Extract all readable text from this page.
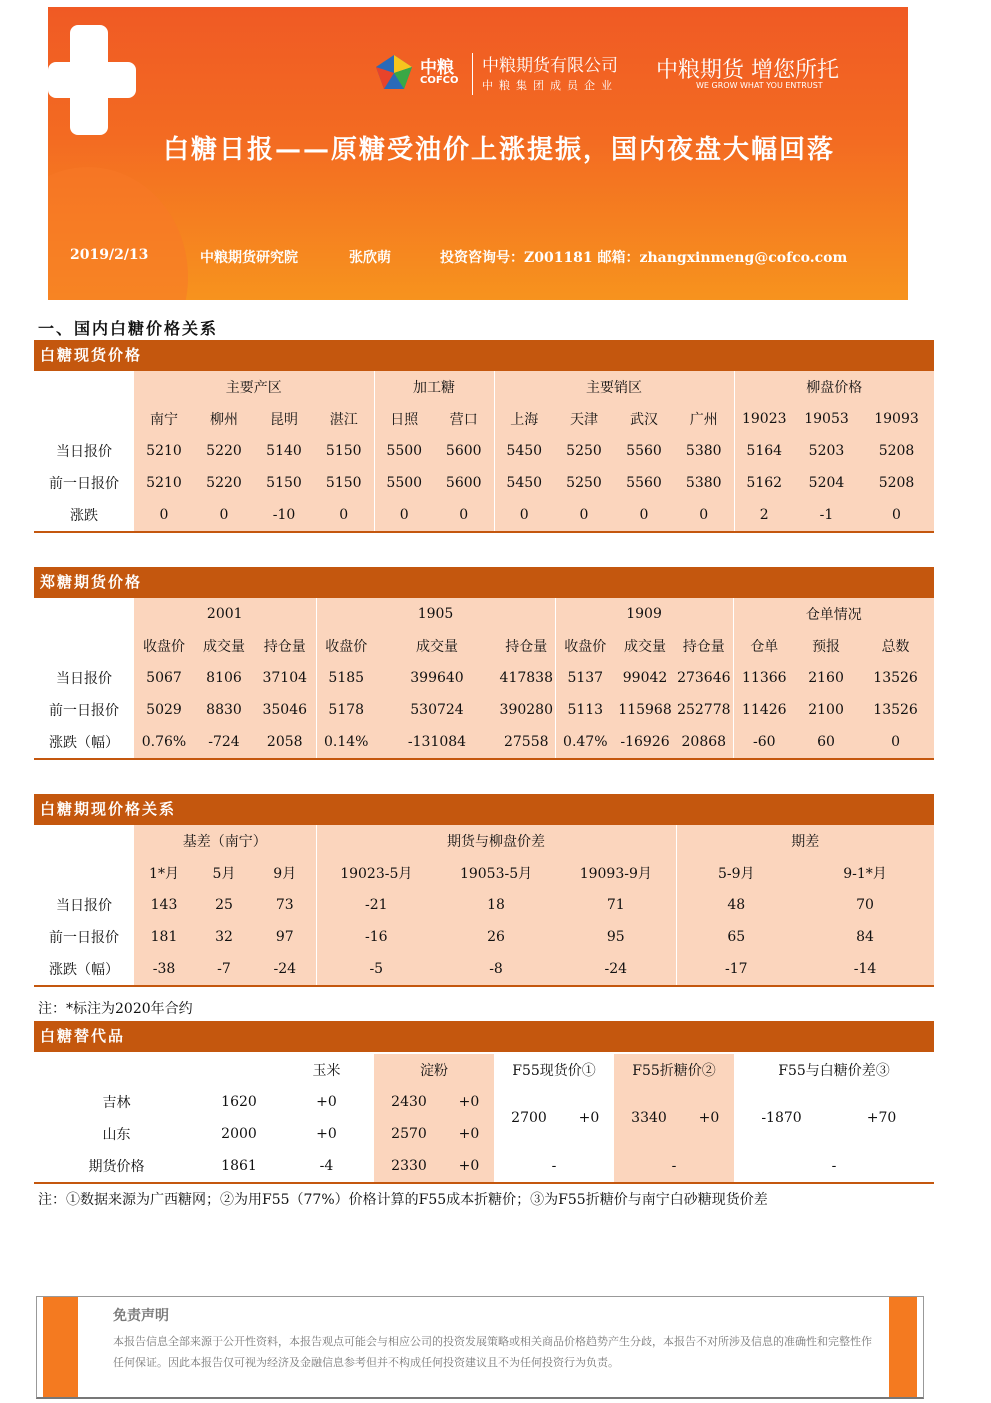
中粮
COFCO
中粮期货有限公司
中粮集团成员企业
中粮期货 增您所托
WE GROW WHAT YOU ENTRUST
白糖日报——原糖受油价上涨提振，国内夜盘大幅回落
2019/2/13	中粮期货研究院	张欣萌	投资咨询号：Z001181 邮箱：zhangxinmeng@cofco.com
一、国内白糖价格关系
白糖现货价格
	主要产区				加工糖		主要销区				柳盘价格		
	南宁	柳州	昆明	湛江	日照	营口	上海	天津	武汉	广州	19023	19053	19093
当日报价	5210	5220	5140	5150	5500	5600	5450	5250	5560	5380	5164	5203	5208
前一日报价	5210	5220	5150	5150	5500	5600	5450	5250	5560	5380	5162	5204	5208
涨跌	0	0	-10	0	0	0	0	0	0	0	2	-1	0
郑糖期货价格
	2001			1905			1909			仓单情况		
	收盘价	成交量	持仓量	收盘价	成交量	持仓量	收盘价	成交量	持仓量	仓单	预报	总数
当日报价	5067	8106	37104	5185	399640	417838	5137	99042	273646	11366	2160	13526
前一日报价	5029	8830	35046	5178	530724	390280	5113	115968	252778	11426	2100	13526
涨跌（幅）	0.76%	-724	2058	0.14%	-131084	27558	0.47%	-16926	20868	-60	60	0
白糖期现价格关系
	基差（南宁）			期货与柳盘价差			期差	
	1*月	5月	9月	19023-5月	19053-5月	19093-9月	5-9月	9-1*月
当日报价	143	25	73	-21	18	71	48	70
前一日报价	181	32	97	-16	26	95	65	84
涨跌（幅）	-38	-7	-24	-5	-8	-24	-17	-14
注：*标注为2020年合约
白糖替代品
		玉米	淀粉		F55现货价①		F55折糖价②		F55与白糖价差③	
吉林	1620	+0	2430	+0	2700	+0	3340	+0	-1870	+70
山东	2000	+0	2570	+0						
期货价格	1861	-4	2330	+0	-		-		-	
注：①数据来源为广西糖网；②为用F55（77%）价格计算的F55成本折糖价；③为F55折糖价与南宁白砂糖现货价差
免责声明
本报告信息全部来源于公开性资料，本报告观点可能会与相应公司的投资发展策略或相关商品价格趋势产生分歧，本报告不对所涉及信息的准确性和完整性作任何保证。因此本报告仅可视为经济及金融信息参考但并不构成任何投资建议且不为任何投资行为负责。
